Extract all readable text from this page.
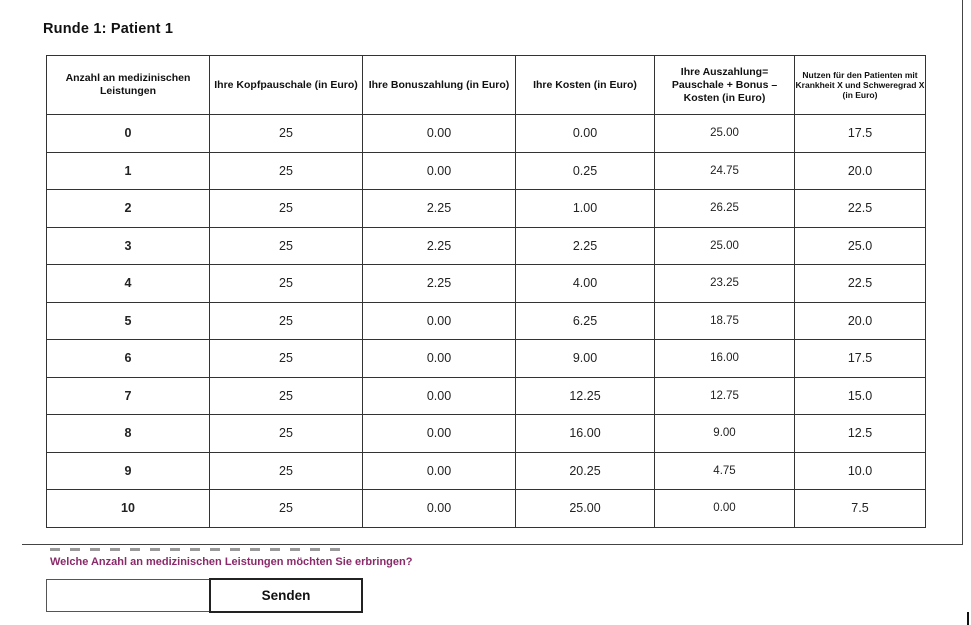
Runde 1: Patient 1
Anzahl an medizinischen Leistungen	Ihre Kopfpauschale (in Euro)	Ihre Bonuszahlung (in Euro)	Ihre Kosten (in Euro)	Ihre Auszahlung= Pauschale + Bonus – Kosten (in Euro)	Nutzen für den Patienten mit Krankheit X und Schweregrad X (in Euro)
0	25	0.00	0.00	25.00	17.5
1	25	0.00	0.25	24.75	20.0
2	25	2.25	1.00	26.25	22.5
3	25	2.25	2.25	25.00	25.0
4	25	2.25	4.00	23.25	22.5
5	25	0.00	6.25	18.75	20.0
6	25	0.00	9.00	16.00	17.5
7	25	0.00	12.25	12.75	15.0
8	25	0.00	16.00	9.00	12.5
9	25	0.00	20.25	4.75	10.0
10	25	0.00	25.00	0.00	7.5
Welche Anzahl an medizinischen Leistungen möchten Sie erbringen?
Senden
